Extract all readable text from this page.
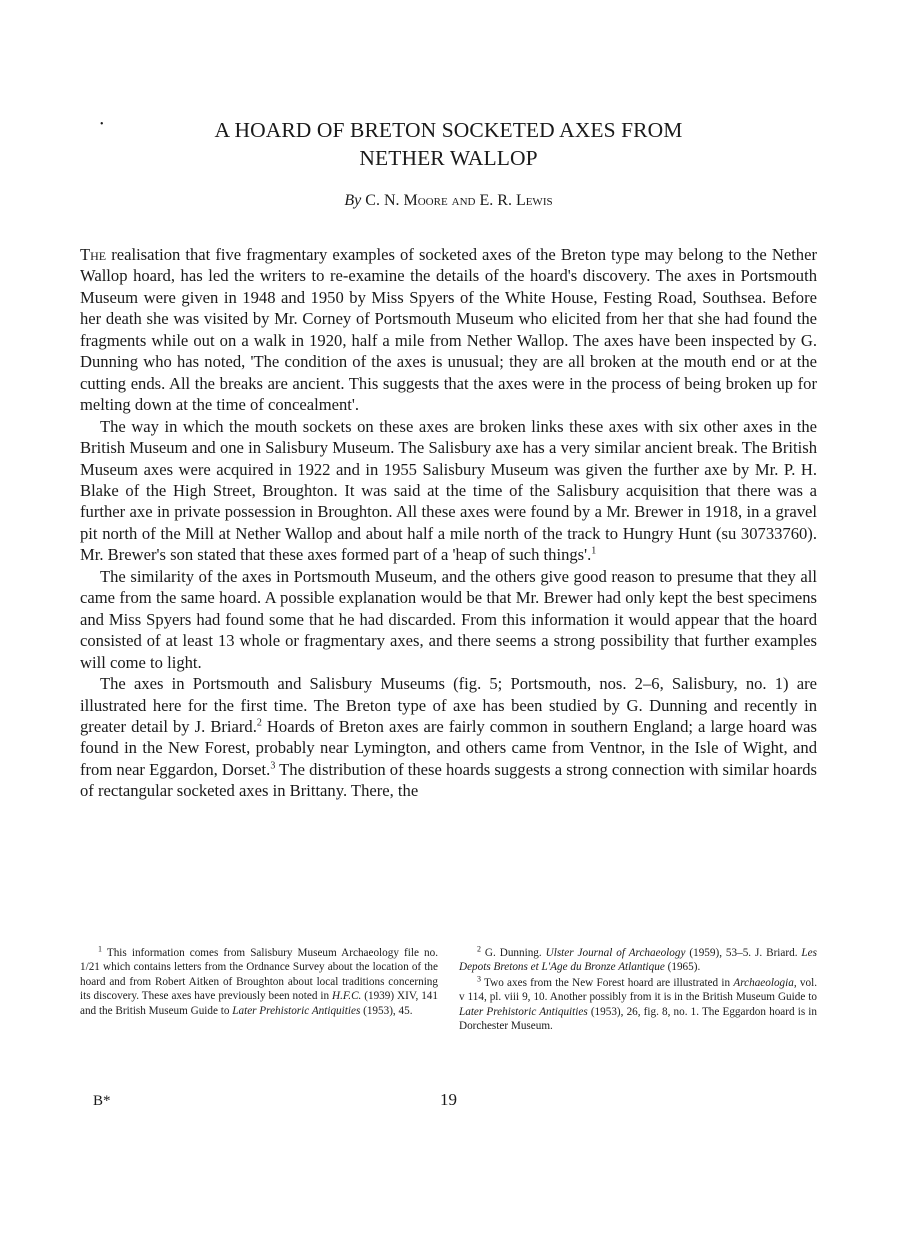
•	A HOARD OF BRETON SOCKETED AXES FROM
NETHER WALLOP
By C. N. Moore and E. R. Lewis

The realisation that five fragmentary examples of socketed axes of the Breton type may belong to the Nether Wallop hoard, has led the writers to re-examine the details of the hoard's discovery. The axes in Portsmouth Museum were given in 1948 and 1950 by Miss Spyers of the White House, Festing Road, Southsea. Before her death she was visited by Mr. Corney of Portsmouth Museum who elicited from her that she had found the fragments while out on a walk in 1920, half a mile from Nether Wallop. The axes have been inspected by G. Dunning who has noted, 'The condition of the axes is unusual; they are all broken at the mouth end or at the cutting ends. All the breaks are ancient. This suggests that the axes were in the process of being broken up for melting down at the time of concealment'.

The way in which the mouth sockets on these axes are broken links these axes with six other axes in the British Museum and one in Salisbury Museum. The Salisbury axe has a very similar ancient break. The British Museum axes were acquired in 1922 and in 1955 Salisbury Museum was given the further axe by Mr. P. H. Blake of the High Street, Broughton. It was said at the time of the Salisbury acquisition that there was a further axe in private possession in Broughton. All these axes were found by a Mr. Brewer in 1918, in a gravel pit north of the Mill at Nether Wallop and about half a mile north of the track to Hungry Hunt (su 30733760). Mr. Brewer's son stated that these axes formed part of a 'heap of such things'.$^1$

The similarity of the axes in Portsmouth Museum, and the others give good reason to presume that they all came from the same hoard. A possible explanation would be that Mr. Brewer had only kept the best specimens and Miss Spyers had found some that he had discarded. From this information it would appear that the hoard consisted of at least 13 whole or fragmentary axes, and there seems a strong possibility that further examples will come to light.

The axes in Portsmouth and Salisbury Museums (fig. 5; Portsmouth, nos. 2–6, Salisbury, no. 1) are illustrated here for the first time. The Breton type of axe has been studied by G. Dunning and recently in greater detail by J. Briard.$^2$ Hoards of Breton axes are fairly common in southern England; a large hoard was found in the New Forest, probably near Lymington, and others came from Ventnor, in the Isle of Wight, and from near Eggardon, Dorset.$^3$ The distribution of these hoards suggests a strong connection with similar hoards of rectangular socketed axes in Brittany. There, the

$^1$ This information comes from Salisbury Museum Archaeology file no. 1/21 which contains letters from the Ordnance Survey about the location of the hoard and from Robert Aitken of Broughton about local traditions concerning its discovery. These axes have previously been noted in H.F.C. (1939) XIV, 141 and the British Museum Guide to Later Prehistoric Antiquities (1953), 45.

$^2$ G. Dunning. Ulster Journal of Archaeology (1959), 53–5. J. Briard. Les Depots Bretons et L'Age du Bronze Atlantique (1965).

$^3$ Two axes from the New Forest hoard are illustrated in Archaeologia, vol. v 114, pl. viii 9, 10. Another possibly from it is in the British Museum Guide to Later Prehistoric Antiquities (1953), 26, fig. 8, no. 1. The Eggardon hoard is in Dorchester Museum.

B*	19
